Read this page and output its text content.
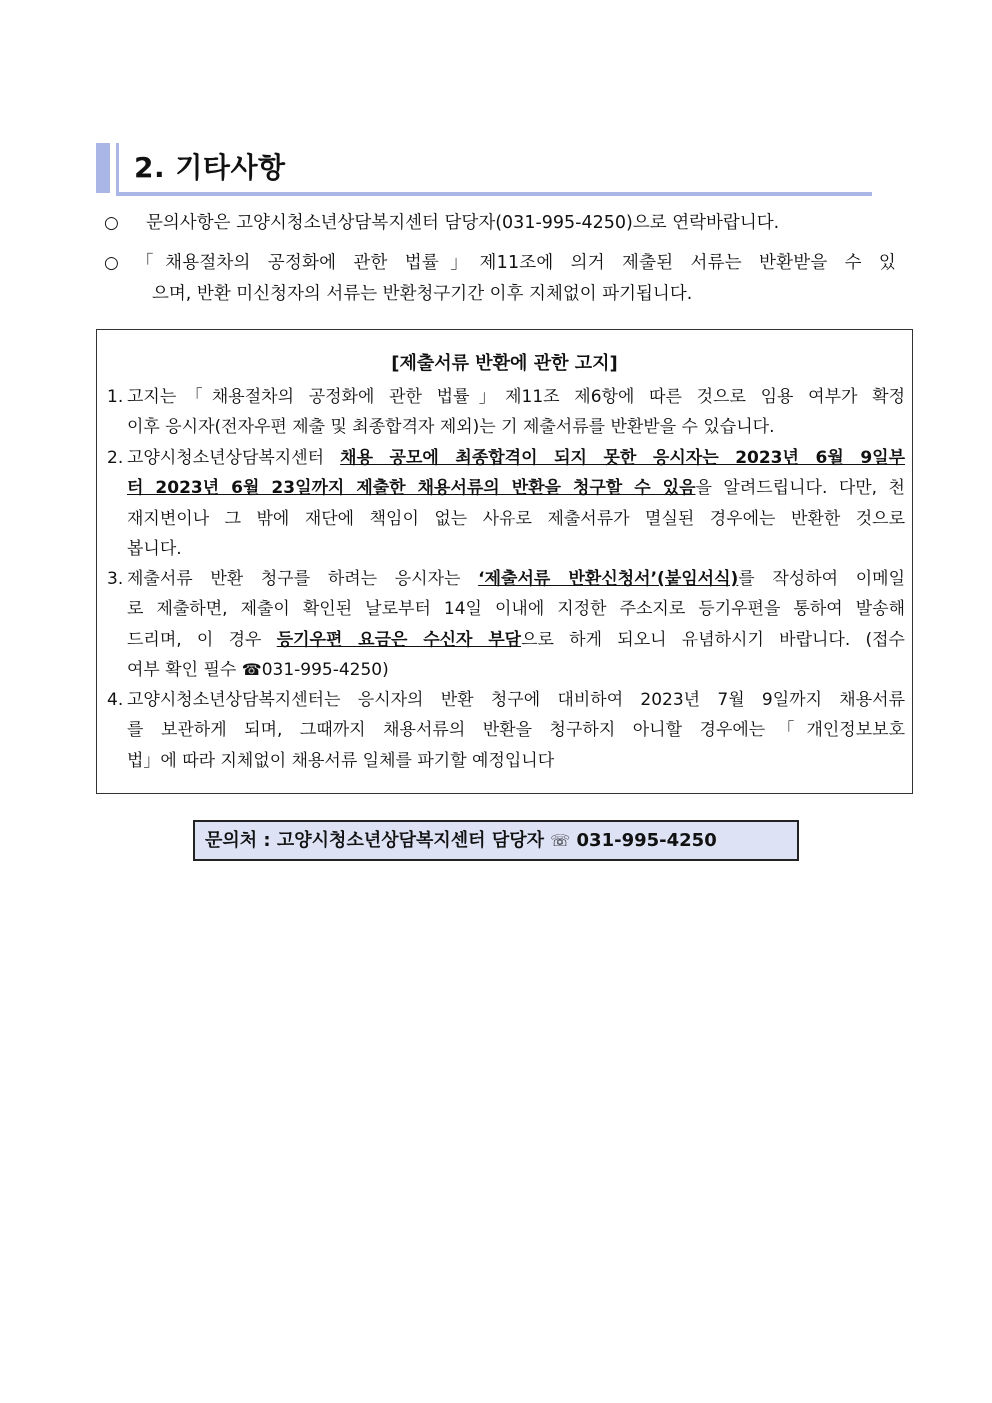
2. 기타사항
○ 문의사항은 고양시청소년상담복지센터 담당자(031-995-4250)으로 연락바랍니다.
○ 「채용절차의 공정화에 관한 법률」제11조에 의거 제출된 서류는 반환받을 수 있
으며, 반환 미신청자의 서류는 반환청구기간 이후 지체없이 파기됩니다.
[제출서류 반환에 관한 고지]
1. 고지는「채용절차의 공정화에 관한 법률」제11조 제6항에 따른 것으로 임용 여부가 확정
이후 응시자(전자우편 제출 및 최종합격자 제외)는 기 제출서류를 반환받을 수 있습니다.
2. 고양시청소년상담복지센터 채용 공모에 최종합격이 되지 못한 응시자는 2023년 6월 9일부
터 2023년 6월 23일까지 제출한 채용서류의 반환을 청구할 수 있음을 알려드립니다. 다만, 천
재지변이나 그 밖에 재단에 책임이 없는 사유로 제출서류가 멸실된 경우에는 반환한 것으로
봅니다.
3. 제출서류 반환 청구를 하려는 응시자는 ‘제출서류 반환신청서’(붙임서식)를 작성하여 이메일
로 제출하면, 제출이 확인된 날로부터 14일 이내에 지정한 주소지로 등기우편을 통하여 발송해
드리며, 이 경우 등기우편 요금은 수신자 부담으로 하게 되오니 유념하시기 바랍니다. (접수
여부 확인 필수 ☎031-995-4250)
4. 고양시청소년상담복지센터는 응시자의 반환 청구에 대비하여 2023년 7월 9일까지 채용서류
를 보관하게 되며, 그때까지 채용서류의 반환을 청구하지 아니할 경우에는「개인정보보호
법」에 따라 지체없이 채용서류 일체를 파기할 예정입니다
문의처 : 고양시청소년상담복지센터 담당자 ☏ 031-995-4250
